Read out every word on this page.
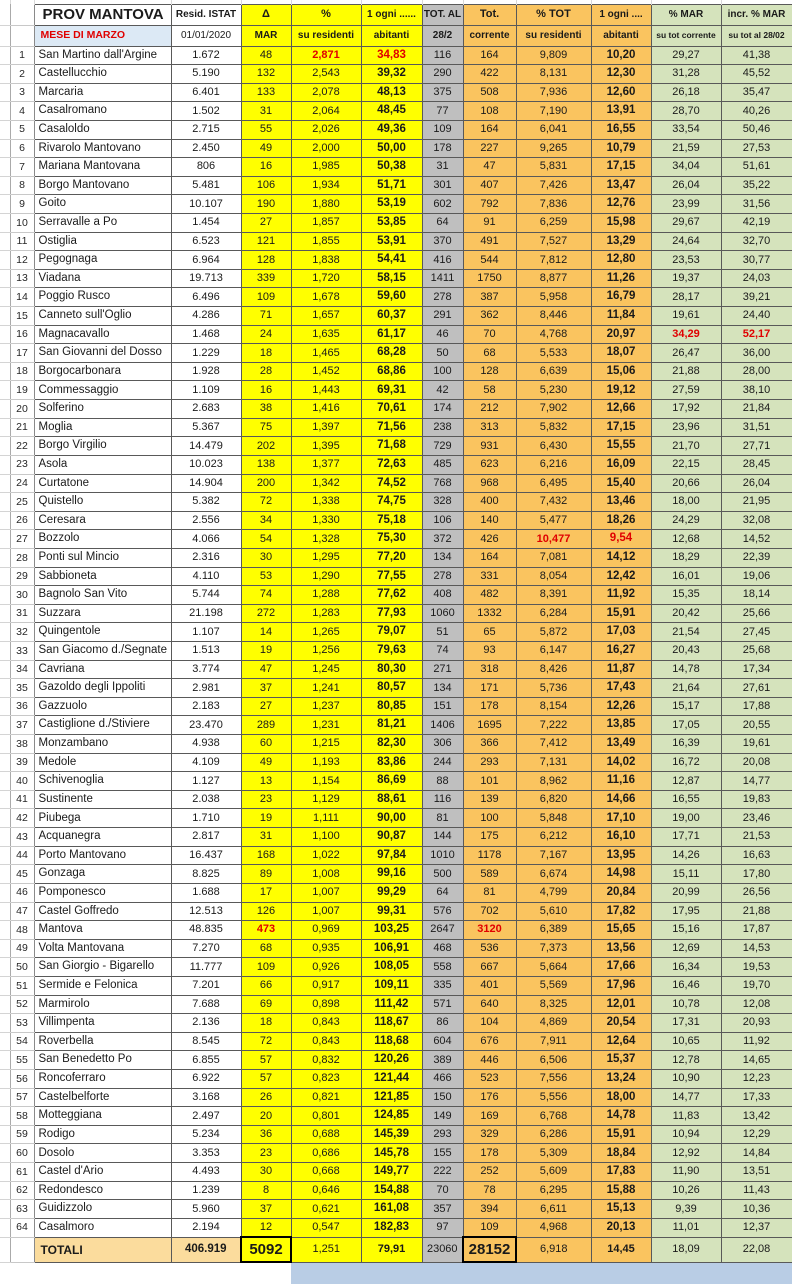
		PROV MANTOVA	Resid. ISTAT	Δ	%	1 ogni ......	TOT. AL	Tot.	% TOT	1 ogni ....	% MAR	incr. % MAR
		MESE DI MARZO	01/01/2020	MAR	su residenti	abitanti	28/2	corrente	su residenti	abitanti	su tot corrente	su tot al 28/02
	1	San Martino dall'Argine	1.672	48	2,871	34,83	116	164	9,809	10,20	29,27	41,38
	2	Castellucchio	5.190	132	2,543	39,32	290	422	8,131	12,30	31,28	45,52
	3	Marcaria	6.401	133	2,078	48,13	375	508	7,936	12,60	26,18	35,47
	4	Casalromano	1.502	31	2,064	48,45	77	108	7,190	13,91	28,70	40,26
	5	Casaloldo	2.715	55	2,026	49,36	109	164	6,041	16,55	33,54	50,46
	6	Rivarolo Mantovano	2.450	49	2,000	50,00	178	227	9,265	10,79	21,59	27,53
	7	Mariana Mantovana	806	16	1,985	50,38	31	47	5,831	17,15	34,04	51,61
	8	Borgo Mantovano	5.481	106	1,934	51,71	301	407	7,426	13,47	26,04	35,22
	9	Goito	10.107	190	1,880	53,19	602	792	7,836	12,76	23,99	31,56
	10	Serravalle a Po	1.454	27	1,857	53,85	64	91	6,259	15,98	29,67	42,19
	11	Ostiglia	6.523	121	1,855	53,91	370	491	7,527	13,29	24,64	32,70
	12	Pegognaga	6.964	128	1,838	54,41	416	544	7,812	12,80	23,53	30,77
	13	Viadana	19.713	339	1,720	58,15	1411	1750	8,877	11,26	19,37	24,03
	14	Poggio Rusco	6.496	109	1,678	59,60	278	387	5,958	16,79	28,17	39,21
	15	Canneto sull'Oglio	4.286	71	1,657	60,37	291	362	8,446	11,84	19,61	24,40
	16	Magnacavallo	1.468	24	1,635	61,17	46	70	4,768	20,97	34,29	52,17
	17	San Giovanni del Dosso	1.229	18	1,465	68,28	50	68	5,533	18,07	26,47	36,00
	18	Borgocarbonara	1.928	28	1,452	68,86	100	128	6,639	15,06	21,88	28,00
	19	Commessaggio	1.109	16	1,443	69,31	42	58	5,230	19,12	27,59	38,10
	20	Solferino	2.683	38	1,416	70,61	174	212	7,902	12,66	17,92	21,84
	21	Moglia	5.367	75	1,397	71,56	238	313	5,832	17,15	23,96	31,51
	22	Borgo Virgilio	14.479	202	1,395	71,68	729	931	6,430	15,55	21,70	27,71
	23	Asola	10.023	138	1,377	72,63	485	623	6,216	16,09	22,15	28,45
	24	Curtatone	14.904	200	1,342	74,52	768	968	6,495	15,40	20,66	26,04
	25	Quistello	5.382	72	1,338	74,75	328	400	7,432	13,46	18,00	21,95
	26	Ceresara	2.556	34	1,330	75,18	106	140	5,477	18,26	24,29	32,08
	27	Bozzolo	4.066	54	1,328	75,30	372	426	10,477	9,54	12,68	14,52
	28	Ponti sul Mincio	2.316	30	1,295	77,20	134	164	7,081	14,12	18,29	22,39
	29	Sabbioneta	4.110	53	1,290	77,55	278	331	8,054	12,42	16,01	19,06
	30	Bagnolo San Vito	5.744	74	1,288	77,62	408	482	8,391	11,92	15,35	18,14
	31	Suzzara	21.198	272	1,283	77,93	1060	1332	6,284	15,91	20,42	25,66
	32	Quingentole	1.107	14	1,265	79,07	51	65	5,872	17,03	21,54	27,45
	33	San Giacomo d./Segnate	1.513	19	1,256	79,63	74	93	6,147	16,27	20,43	25,68
	34	Cavriana	3.774	47	1,245	80,30	271	318	8,426	11,87	14,78	17,34
	35	Gazoldo degli Ippoliti	2.981	37	1,241	80,57	134	171	5,736	17,43	21,64	27,61
	36	Gazzuolo	2.183	27	1,237	80,85	151	178	8,154	12,26	15,17	17,88
	37	Castiglione d./Stiviere	23.470	289	1,231	81,21	1406	1695	7,222	13,85	17,05	20,55
	38	Monzambano	4.938	60	1,215	82,30	306	366	7,412	13,49	16,39	19,61
	39	Medole	4.109	49	1,193	83,86	244	293	7,131	14,02	16,72	20,08
	40	Schivenoglia	1.127	13	1,154	86,69	88	101	8,962	11,16	12,87	14,77
	41	Sustinente	2.038	23	1,129	88,61	116	139	6,820	14,66	16,55	19,83
	42	Piubega	1.710	19	1,111	90,00	81	100	5,848	17,10	19,00	23,46
	43	Acquanegra	2.817	31	1,100	90,87	144	175	6,212	16,10	17,71	21,53
	44	Porto Mantovano	16.437	168	1,022	97,84	1010	1178	7,167	13,95	14,26	16,63
	45	Gonzaga	8.825	89	1,008	99,16	500	589	6,674	14,98	15,11	17,80
	46	Pomponesco	1.688	17	1,007	99,29	64	81	4,799	20,84	20,99	26,56
	47	Castel Goffredo	12.513	126	1,007	99,31	576	702	5,610	17,82	17,95	21,88
	48	Mantova	48.835	473	0,969	103,25	2647	3120	6,389	15,65	15,16	17,87
	49	Volta Mantovana	7.270	68	0,935	106,91	468	536	7,373	13,56	12,69	14,53
	50	San Giorgio - Bigarello	11.777	109	0,926	108,05	558	667	5,664	17,66	16,34	19,53
	51	Sermide e Felonica	7.201	66	0,917	109,11	335	401	5,569	17,96	16,46	19,70
	52	Marmirolo	7.688	69	0,898	111,42	571	640	8,325	12,01	10,78	12,08
	53	Villimpenta	2.136	18	0,843	118,67	86	104	4,869	20,54	17,31	20,93
	54	Roverbella	8.545	72	0,843	118,68	604	676	7,911	12,64	10,65	11,92
	55	San Benedetto Po	6.855	57	0,832	120,26	389	446	6,506	15,37	12,78	14,65
	56	Roncoferraro	6.922	57	0,823	121,44	466	523	7,556	13,24	10,90	12,23
	57	Castelbelforte	3.168	26	0,821	121,85	150	176	5,556	18,00	14,77	17,33
	58	Motteggiana	2.497	20	0,801	124,85	149	169	6,768	14,78	11,83	13,42
	59	Rodigo	5.234	36	0,688	145,39	293	329	6,286	15,91	10,94	12,29
	60	Dosolo	3.353	23	0,686	145,78	155	178	5,309	18,84	12,92	14,84
	61	Castel d'Ario	4.493	30	0,668	149,77	222	252	5,609	17,83	11,90	13,51
	62	Redondesco	1.239	8	0,646	154,88	70	78	6,295	15,88	10,26	11,43
	63	Guidizzolo	5.960	37	0,621	161,08	357	394	6,611	15,13	9,39	10,36
	64	Casalmoro	2.194	12	0,547	182,83	97	109	4,968	20,13	11,01	12,37
		TOTALI	406.919	5092	1,251	79,91	23060	28152	6,918	14,45	18,09	22,08
